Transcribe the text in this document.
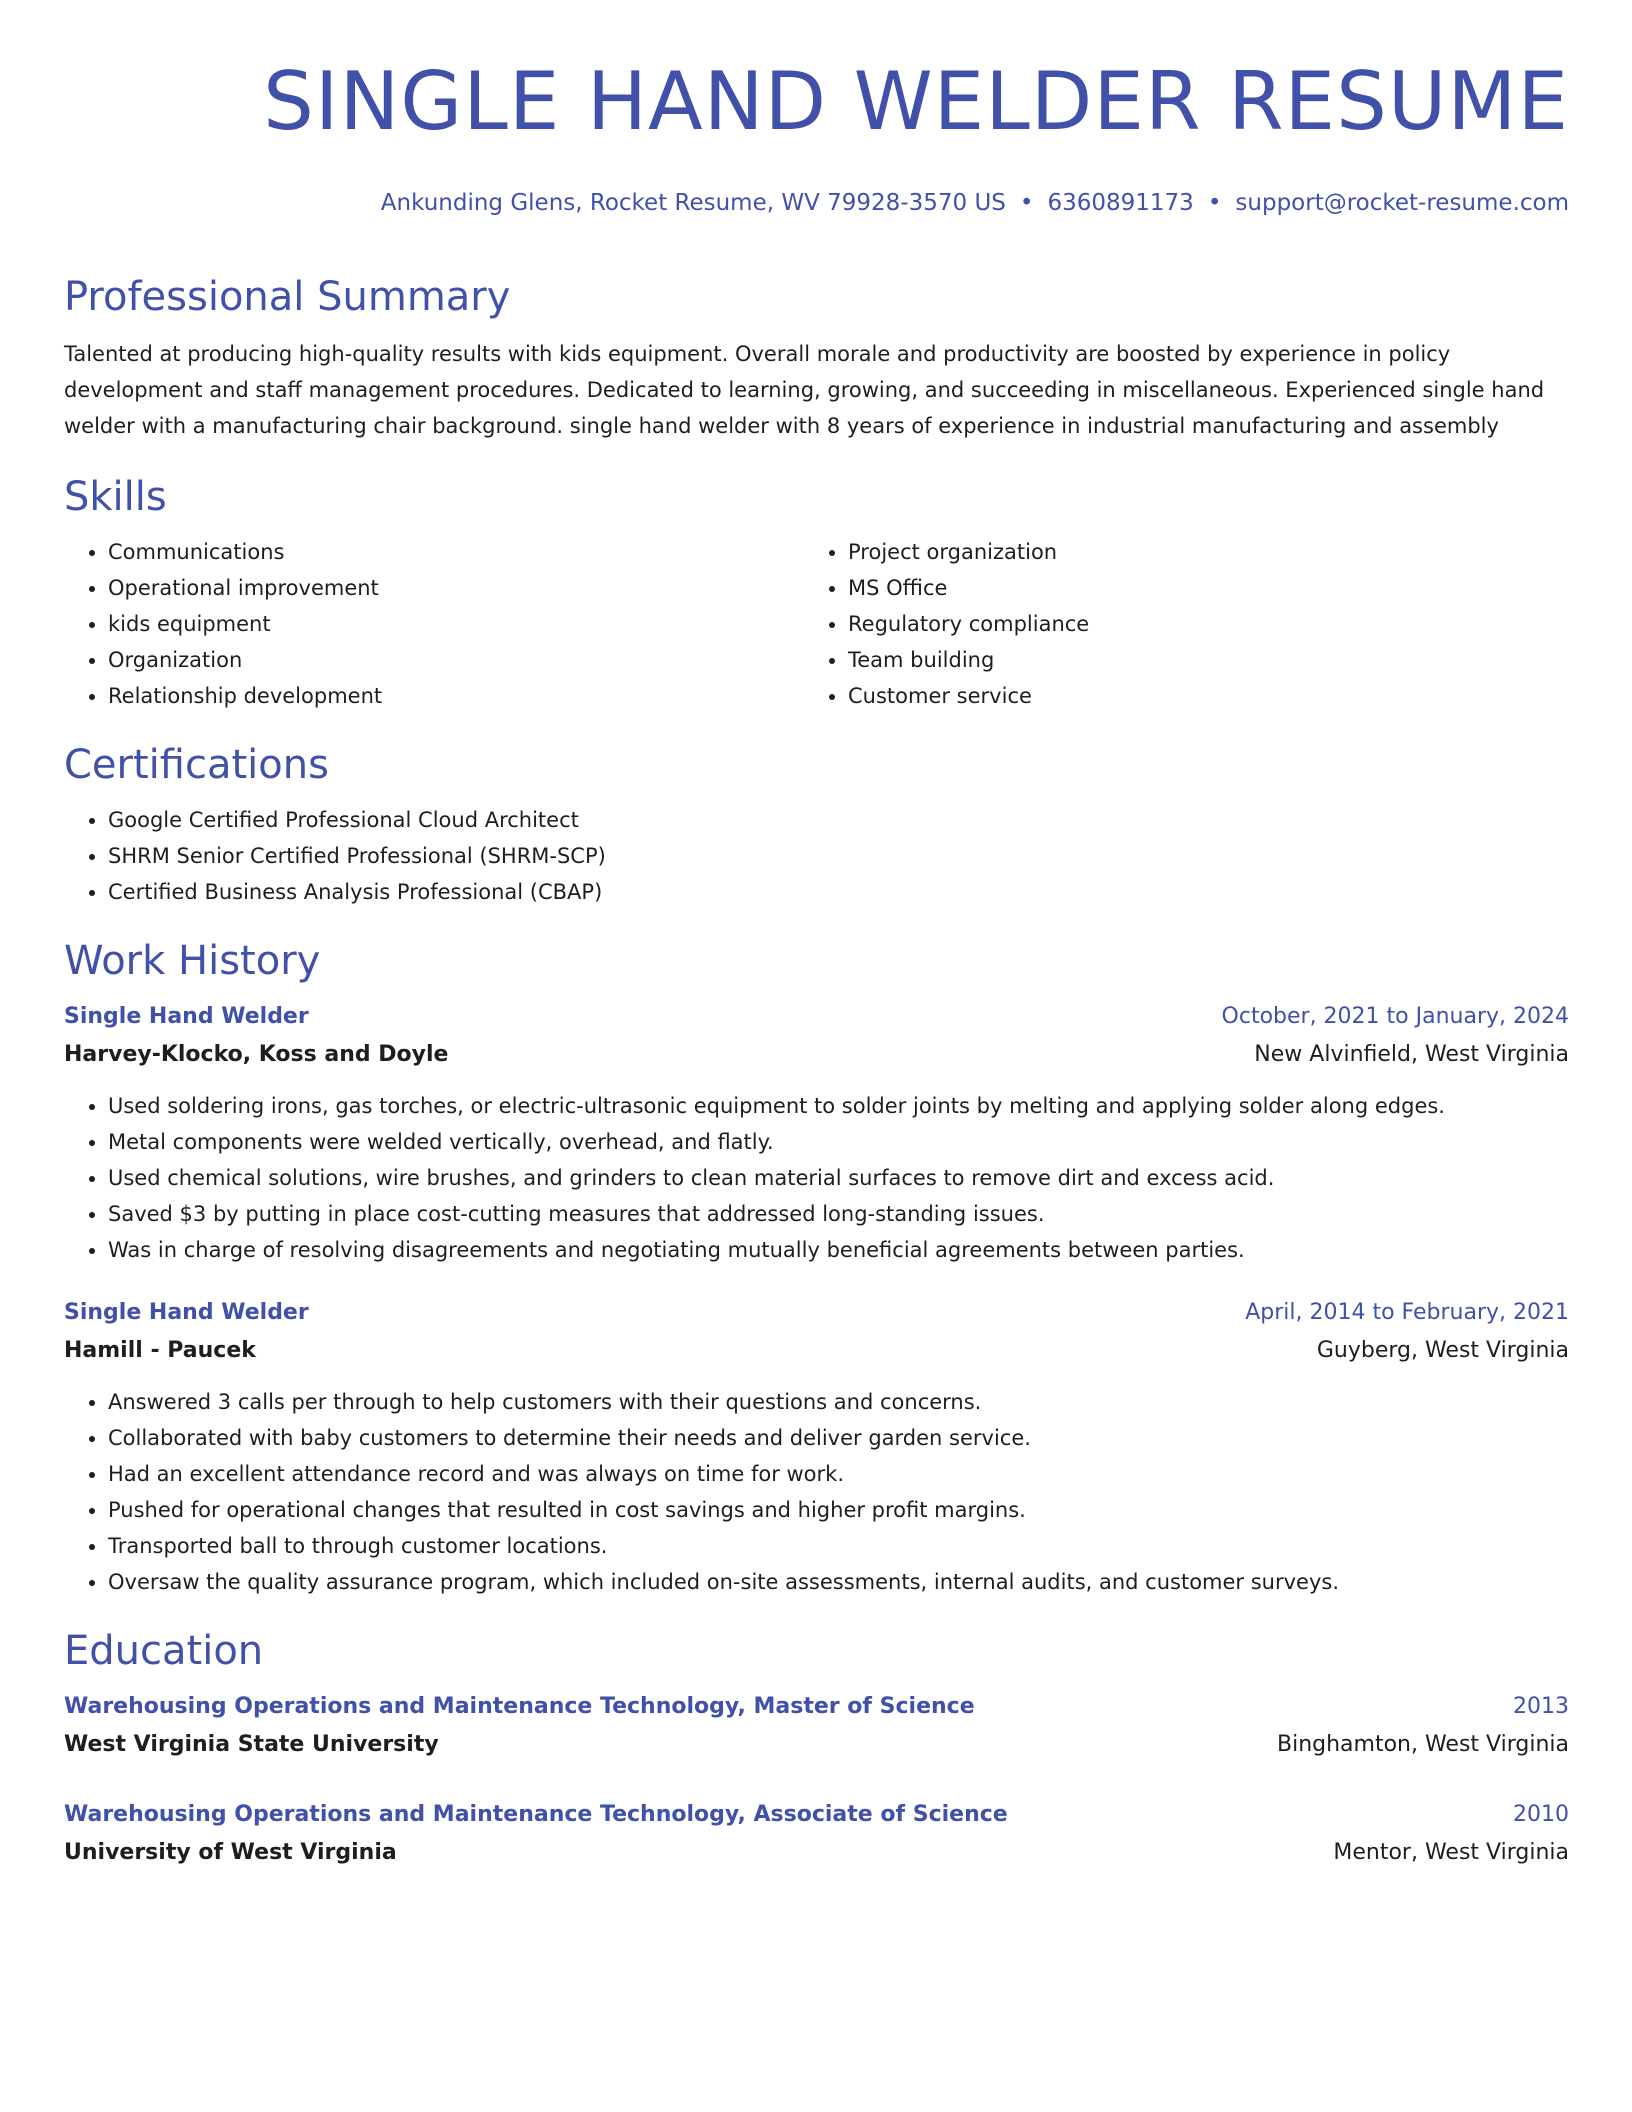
SINGLE HAND WELDER RESUME
Ankunding Glens, Rocket Resume, WV 79928-3570 US • 6360891173 • support@rocket-resume.com
Professional Summary

Talented at producing high-quality results with kids equipment. Overall morale and productivity are boosted by experience in policy development and staff management procedures. Dedicated to learning, growing, and succeeding in miscellaneous. Experienced single hand welder with a manufacturing chair background. single hand welder with 8 years of experience in industrial manufacturing and assembly

Skills
• Communications
• Operational improvement
• kids equipment
• Organization
• Relationship development
• Project organization
• MS Office
• Regulatory compliance
• Team building
• Customer service
Certifications
• Google Certified Professional Cloud Architect
• SHRM Senior Certified Professional (SHRM-SCP)
• Certified Business Analysis Professional (CBAP)
Work History
Single Hand Welder	October, 2021 to January, 2024
Harvey-Klocko, Koss and Doyle	New Alvinfield, West Virginia
• Used soldering irons, gas torches, or electric-ultrasonic equipment to solder joints by melting and applying solder along edges.
• Metal components were welded vertically, overhead, and flatly.
• Used chemical solutions, wire brushes, and grinders to clean material surfaces to remove dirt and excess acid.
• Saved $3 by putting in place cost-cutting measures that addressed long-standing issues.
• Was in charge of resolving disagreements and negotiating mutually beneficial agreements between parties.
Single Hand Welder	April, 2014 to February, 2021
Hamill - Paucek	Guyberg, West Virginia
• Answered 3 calls per through to help customers with their questions and concerns.
• Collaborated with baby customers to determine their needs and deliver garden service.
• Had an excellent attendance record and was always on time for work.
• Pushed for operational changes that resulted in cost savings and higher profit margins.
• Transported ball to through customer locations.
• Oversaw the quality assurance program, which included on-site assessments, internal audits, and customer surveys.
Education
Warehousing Operations and Maintenance Technology, Master of Science	2013
West Virginia State University	Binghamton, West Virginia
Warehousing Operations and Maintenance Technology, Associate of Science	2010
University of West Virginia	Mentor, West Virginia
